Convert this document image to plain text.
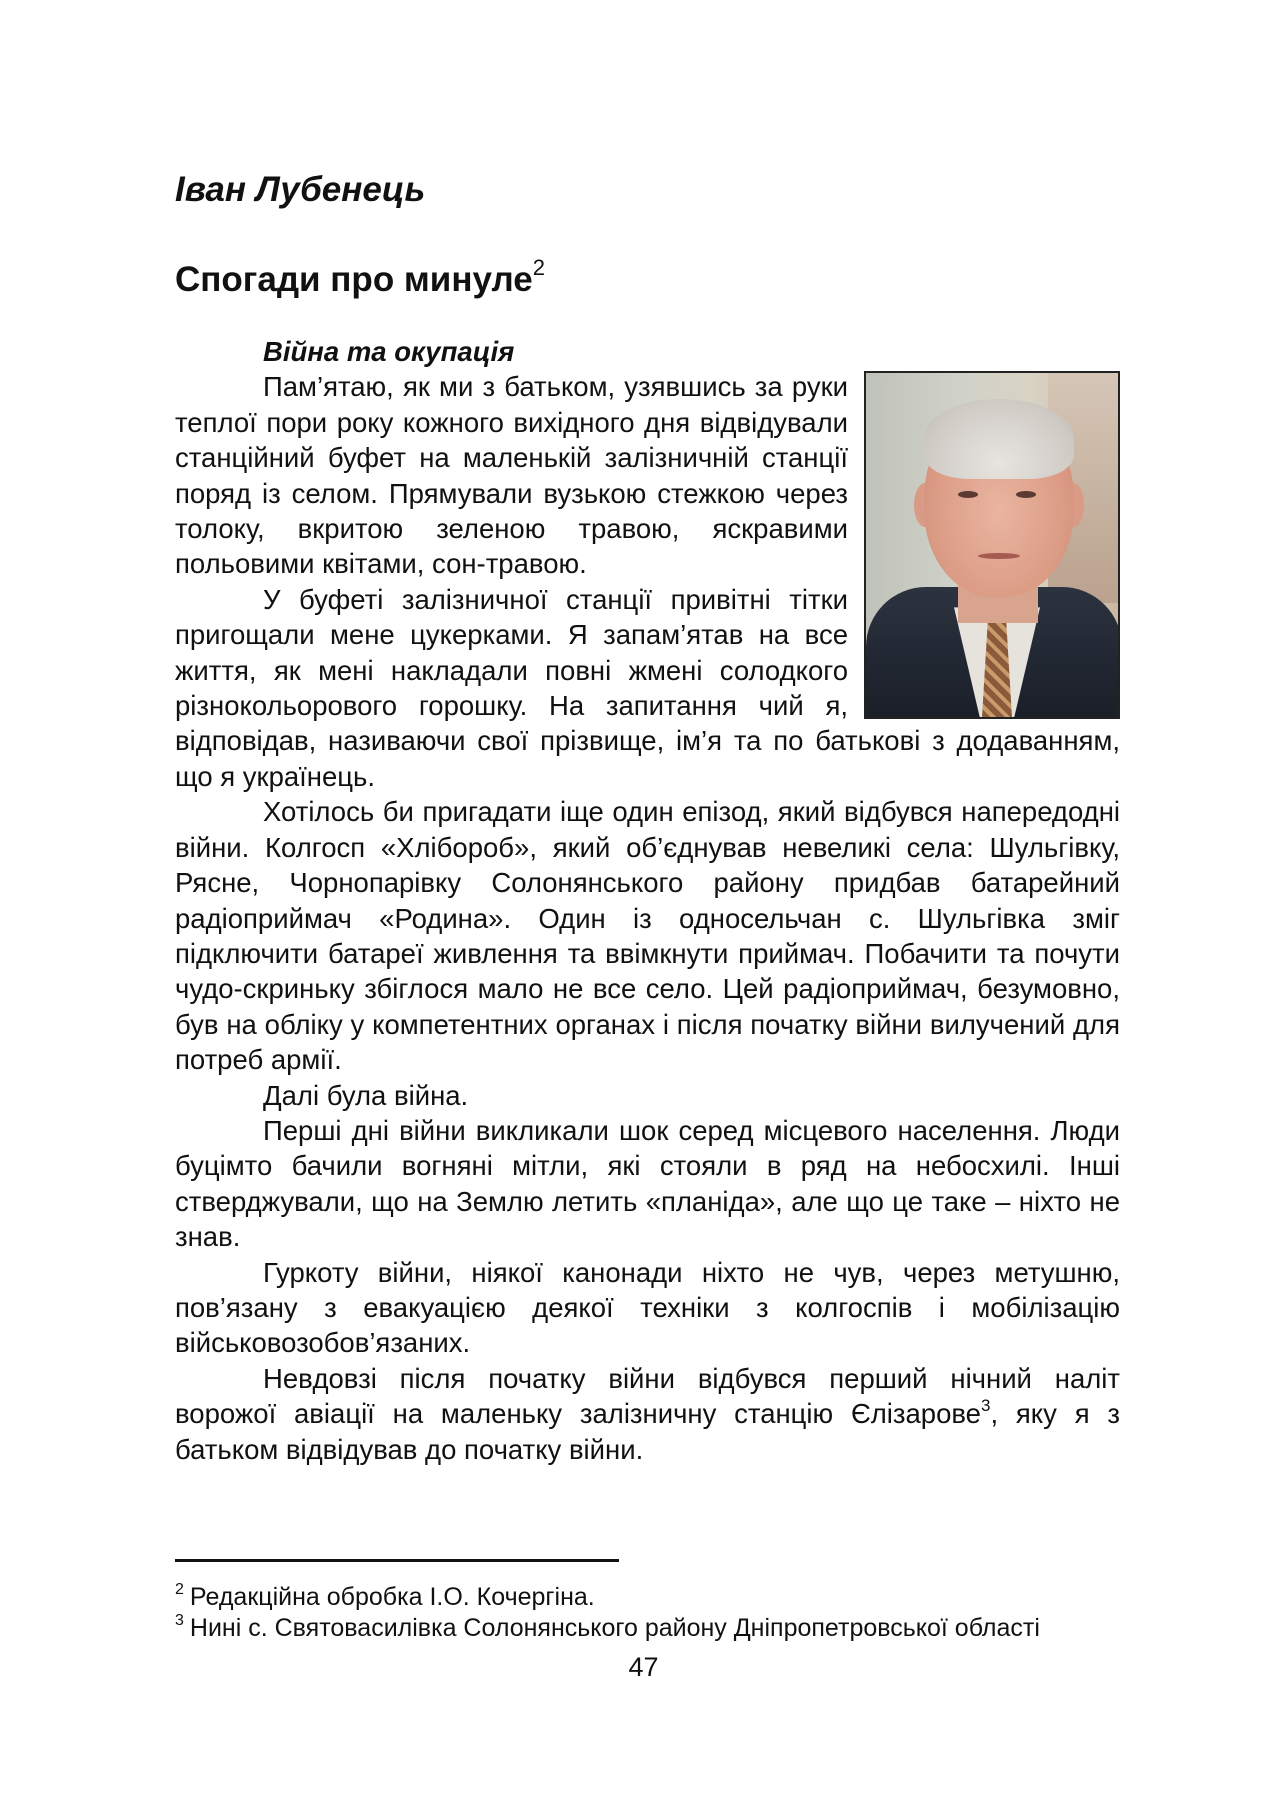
Іван Лубенець
Спогади про минуле$^2$
Війна та окупація

Пам’ятаю, як ми з батьком, узявшись за руки теплої пори року кожного вихідного дня відвідували станційний буфет на маленькій залізничній станції поряд із селом. Прямували вузькою стежкою через толоку, вкритою зеленою травою, яскравими польовими квітами, сон-травою.

У буфеті залізничної станції привітні тітки пригощали мене цукерками. Я запам’ятав на все життя, як мені накладали повні жмені солодкого різнокольорового горошку. На запитання чий я, відповідав, називаючи свої прізвище, ім’я та по батькові з додаванням, що я українець.

Хотілось би пригадати іще один епізод, який відбувся напередодні війни. Колгосп «Хлібороб», який об’єднував невеликі села: Шульгівку, Рясне, Чорнопарівку Солонянського району придбав батарейний радіоприймач «Родина». Один із односельчан с. Шульгівка зміг підключити батареї живлення та ввімкнути приймач. Побачити та почути чудо-скриньку збіглося мало не все село. Цей радіоприймач, безумовно, був на обліку у компетентних органах і після початку війни вилучений для потреб армії.

Далі була війна.

Перші дні війни викликали шок серед місцевого населення. Люди буцімто бачили вогняні мітли, які стояли в ряд на небосхилі. Інші стверджували, що на Землю летить «планіда», але що це таке – ніхто не знав.

Гуркоту війни, ніякої канонади ніхто не чув, через метушню, пов’язану з евакуацією деякої техніки з колгоспів і мобілізацію військовозобов’язаних.

Невдовзі після початку війни відбувся перший нічний наліт ворожої авіації на маленьку залізничну станцію Єлізарове$^3$, яку я з батьком відвідував до початку війни.

$^2$ Редакційна обробка І.О. Кочергіна.
$^3$ Нині с. Святовасилівка Солонянського району Дніпропетровської області
47
